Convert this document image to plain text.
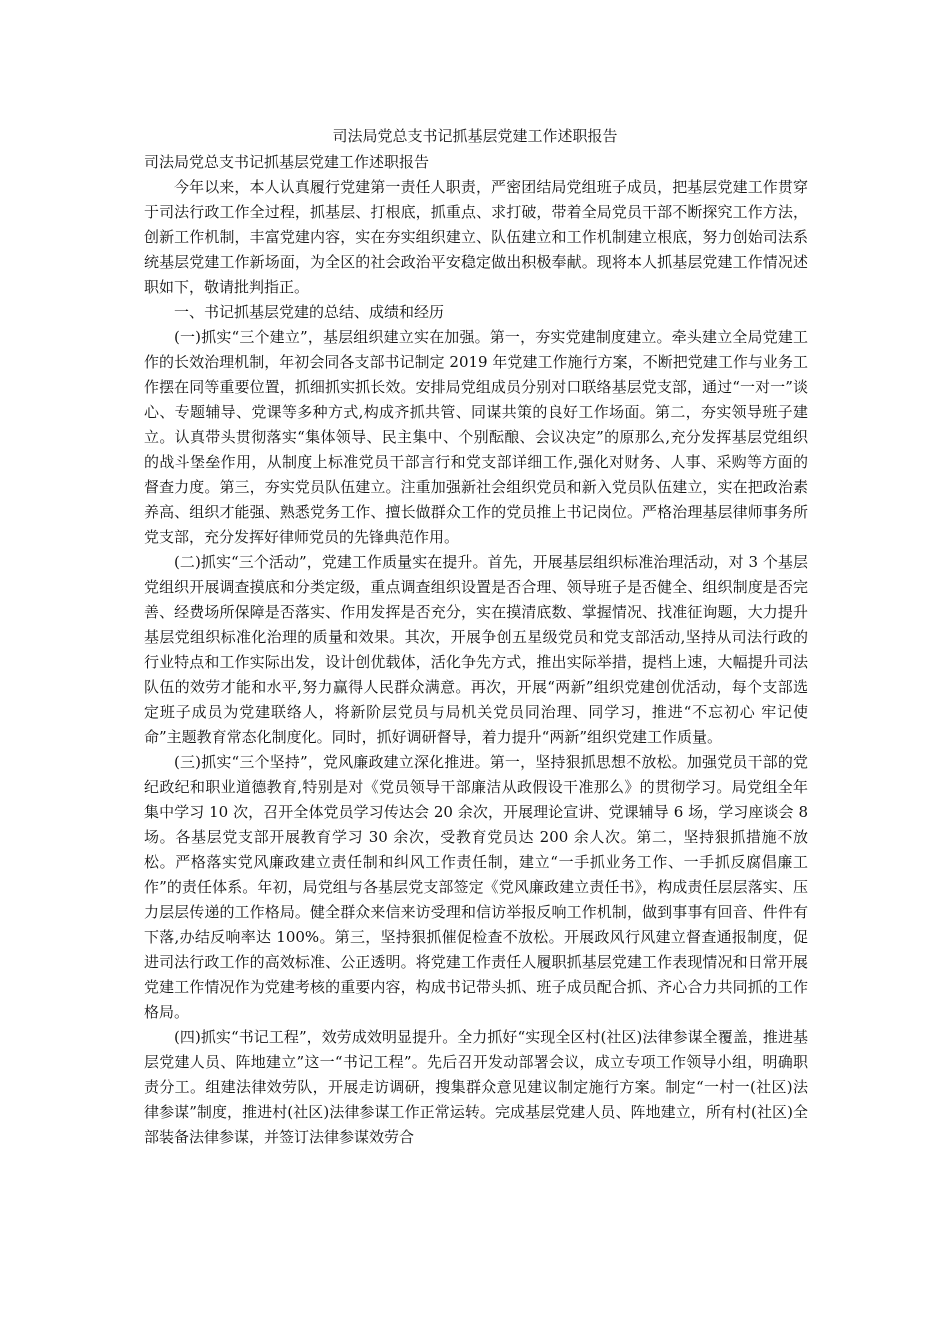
司法局党总支书记抓基层党建工作述职报告
司法局党总支书记抓基层党建工作述职报告

今年以来，本人认真履行党建第一责任人职责，严密团结局党组班子成员，把基层党建工作贯穿于司法行政工作全过程，抓基层、打根底，抓重点、求打破，带着全局党员干部不断探究工作方法，创新工作机制，丰富党建内容，实在夯实组织建立、队伍建立和工作机制建立根底，努力创始司法系统基层党建工作新场面，为全区的社会政治平安稳定做出积极奉献。现将本人抓基层党建工作情况述职如下，敬请批判指正。

一、书记抓基层党建的总结、成绩和经历

(一)抓实“三个建立”，基层组织建立实在加强。第一，夯实党建制度建立。牵头建立全局党建工作的长效治理机制，年初会同各支部书记制定 2019 年党建工作施行方案，不断把党建工作与业务工作摆在同等重要位置，抓细抓实抓长效。安排局党组成员分别对口联络基层党支部，通过“一对一”谈心、专题辅导、党课等多种方式,构成齐抓共管、同谋共策的良好工作场面。第二，夯实领导班子建立。认真带头贯彻落实“集体领导、民主集中、个别酝酿、会议决定”的原那么,充分发挥基层党组织的战斗堡垒作用，从制度上标准党员干部言行和党支部详细工作,强化对财务、人事、采购等方面的督查力度。第三，夯实党员队伍建立。注重加强新社会组织党员和新入党员队伍建立，实在把政治素养高、组织才能强、熟悉党务工作、擅长做群众工作的党员推上书记岗位。严格治理基层律师事务所党支部，充分发挥好律师党员的先锋典范作用。

(二)抓实“三个活动”，党建工作质量实在提升。首先，开展基层组织标准治理活动，对 3 个基层党组织开展调查摸底和分类定级，重点调查组织设置是否合理、领导班子是否健全、组织制度是否完善、经费场所保障是否落实、作用发挥是否充分，实在摸清底数、掌握情况、找准征询题，大力提升基层党组织标准化治理的质量和效果。其次，开展争创五星级党员和党支部活动,坚持从司法行政的行业特点和工作实际出发，设计创优载体，活化争先方式，推出实际举措，提档上速，大幅提升司法队伍的效劳才能和水平,努力赢得人民群众满意。再次，开展“两新”组织党建创优活动，每个支部选定班子成员为党建联络人，将新阶层党员与局机关党员同治理、同学习，推进“不忘初心 牢记使命”主题教育常态化制度化。同时，抓好调研督导，着力提升“两新”组织党建工作质量。

(三)抓实“三个坚持”，党风廉政建立深化推进。第一，坚持狠抓思想不放松。加强党员干部的党纪政纪和职业道德教育,特别是对《党员领导干部廉洁从政假设干准那么》的贯彻学习。局党组全年集中学习 10 次，召开全体党员学习传达会 20 余次，开展理论宣讲、党课辅导 6 场，学习座谈会 8 场。各基层党支部开展教育学习 30 余次，受教育党员达 200 余人次。第二，坚持狠抓措施不放松。严格落实党风廉政建立责任制和纠风工作责任制，建立“一手抓业务工作、一手抓反腐倡廉工作”的责任体系。年初，局党组与各基层党支部签定《党风廉政建立责任书》，构成责任层层落实、压力层层传递的工作格局。健全群众来信来访受理和信访举报反响工作机制，做到事事有回音、件件有下落,办结反响率达 100%。第三，坚持狠抓催促检查不放松。开展政风行风建立督查通报制度，促进司法行政工作的高效标准、公正透明。将党建工作责任人履职抓基层党建工作表现情况和日常开展党建工作情况作为党建考核的重要内容，构成书记带头抓、班子成员配合抓、齐心合力共同抓的工作格局。

(四)抓实“书记工程”，效劳成效明显提升。全力抓好“实现全区村(社区)法律参谋全覆盖，推进基层党建人员、阵地建立”这一“书记工程”。先后召开发动部署会议，成立专项工作领导小组，明确职责分工。组建法律效劳队，开展走访调研，搜集群众意见建议制定施行方案。制定“一村一(社区)法律参谋”制度，推进村(社区)法律参谋工作正常运转。完成基层党建人员、阵地建立，所有村(社区)全部装备法律参谋，并签订法律参谋效劳合
